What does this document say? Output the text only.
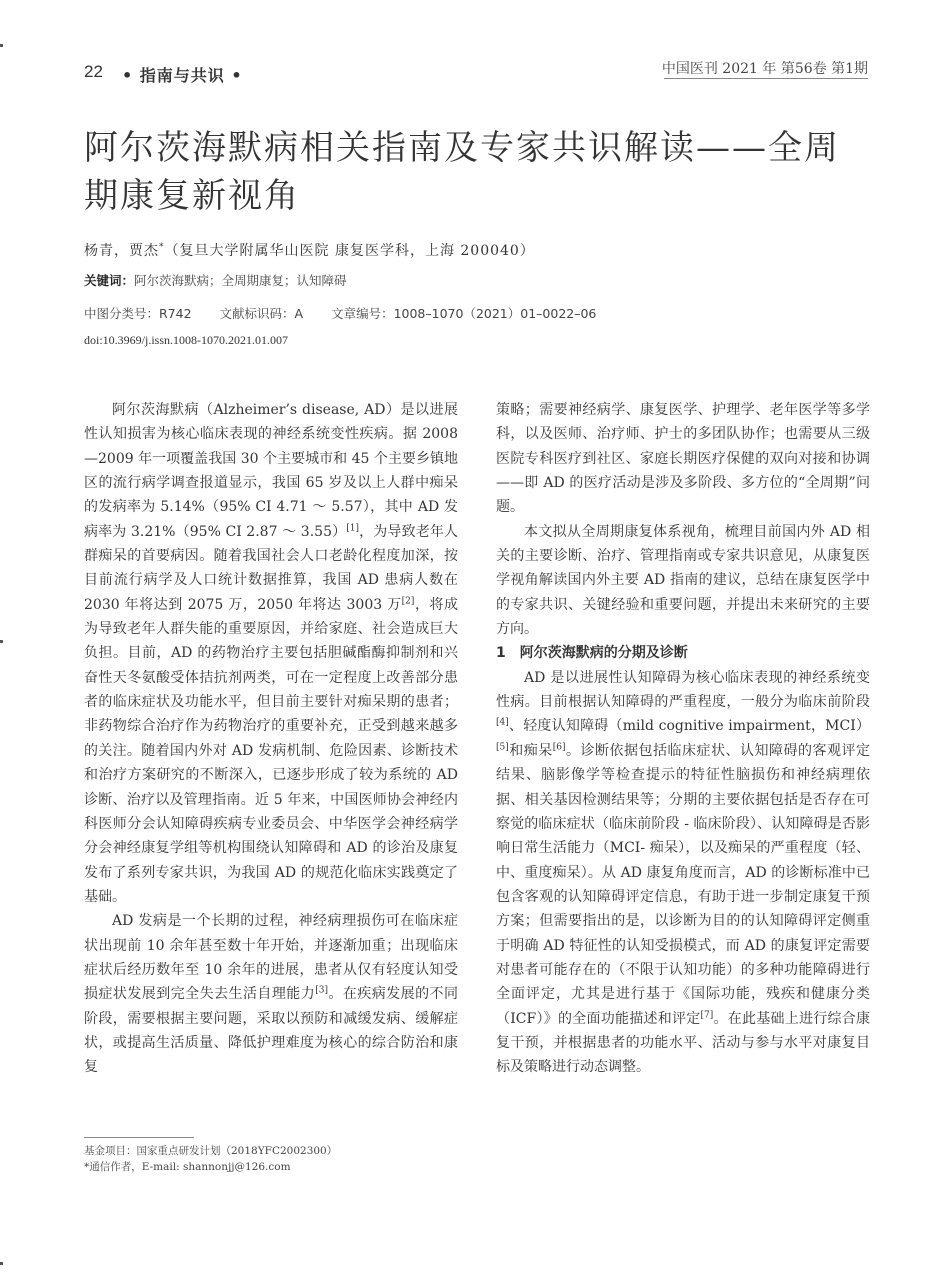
22 • 指南与共识 •	中国医刊 2021 年 第56卷 第1期
阿尔茨海默病相关指南及专家共识解读——全周期康复新视角
杨青，贾杰*（复旦大学附属华山医院 康复医学科，上海 200040）
关键词：阿尔茨海默病；全周期康复；认知障碍
中图分类号：R742 文献标识码：A 文章编号：1008–1070（2021）01–0022–06
doi:10.3969/j.issn.1008-1070.2021.01.007

阿尔茨海默病（Alzheimer’s disease, AD）是以进展性认知损害为核心临床表现的神经系统变性疾病。据 2008—2009 年一项覆盖我国 30 个主要城市和 45 个主要乡镇地区的流行病学调查报道显示，我国 65 岁及以上人群中痴呆的发病率为 5.14%（95% CI 4.71 ～ 5.57），其中 AD 发病率为 3.21%（95% CI 2.87 ～ 3.55）[1]，为导致老年人群痴呆的首要病因。随着我国社会人口老龄化程度加深，按目前流行病学及人口统计数据推算，我国 AD 患病人数在 2030 年将达到 2075 万，2050 年将达 3003 万[2]，将成为导致老年人群失能的重要原因，并给家庭、社会造成巨大负担。目前，AD 的药物治疗主要包括胆碱酯酶抑制剂和兴奋性天冬氨酸受体拮抗剂两类，可在一定程度上改善部分患者的临床症状及功能水平，但目前主要针对痴呆期的患者；非药物综合治疗作为药物治疗的重要补充，正受到越来越多的关注。随着国内外对 AD 发病机制、危险因素、诊断技术和治疗方案研究的不断深入，已逐步形成了较为系统的 AD 诊断、治疗以及管理指南。近 5 年来，中国医师协会神经内科医师分会认知障碍疾病专业委员会、中华医学会神经病学分会神经康复学组等机构围绕认知障碍和 AD 的诊治及康复发布了系列专家共识，为我国 AD 的规范化临床实践奠定了基础。

AD 发病是一个长期的过程，神经病理损伤可在临床症状出现前 10 余年甚至数十年开始，并逐渐加重；出现临床症状后经历数年至 10 余年的进展，患者从仅有轻度认知受损症状发展到完全失去生活自理能力[3]。在疾病发展的不同阶段，需要根据主要问题，采取以预防和减缓发病、缓解症状，或提高生活质量、降低护理难度为核心的综合防治和康复

策略；需要神经病学、康复医学、护理学、老年医学等多学科，以及医师、治疗师、护士的多团队协作；也需要从三级医院专科医疗到社区、家庭长期医疗保健的双向对接和协调——即 AD 的医疗活动是涉及多阶段、多方位的“全周期”问题。

本文拟从全周期康复体系视角，梳理目前国内外 AD 相关的主要诊断、治疗、管理指南或专家共识意见，从康复医学视角解读国内外主要 AD 指南的建议，总结在康复医学中的专家共识、关键经验和重要问题，并提出未来研究的主要方向。

1　阿尔茨海默病的分期及诊断

AD 是以进展性认知障碍为核心临床表现的神经系统变性病。目前根据认知障碍的严重程度，一般分为临床前阶段[4]、轻度认知障碍（mild cognitive impairment，MCI）[5]和痴呆[6]。诊断依据包括临床症状、认知障碍的客观评定结果、脑影像学等检查提示的特征性脑损伤和神经病理依据、相关基因检测结果等；分期的主要依据包括是否存在可察觉的临床症状（临床前阶段 - 临床阶段）、认知障碍是否影响日常生活能力（MCI- 痴呆），以及痴呆的严重程度（轻、中、重度痴呆）。从 AD 康复角度而言，AD 的诊断标准中已包含客观的认知障碍评定信息，有助于进一步制定康复干预方案；但需要指出的是，以诊断为目的的认知障碍评定侧重于明确 AD 特征性的认知受损模式，而 AD 的康复评定需要对患者可能存在的（不限于认知功能）的多种功能障碍进行全面评定，尤其是进行基于《国际功能，残疾和健康分类（ICF）》的全面功能描述和评定[7]。在此基础上进行综合康复干预，并根据患者的功能水平、活动与参与水平对康复目标及策略进行动态调整。

基金项目：国家重点研发计划（2018YFC2002300）
*通信作者，E-mail: shannonjj@126.com
